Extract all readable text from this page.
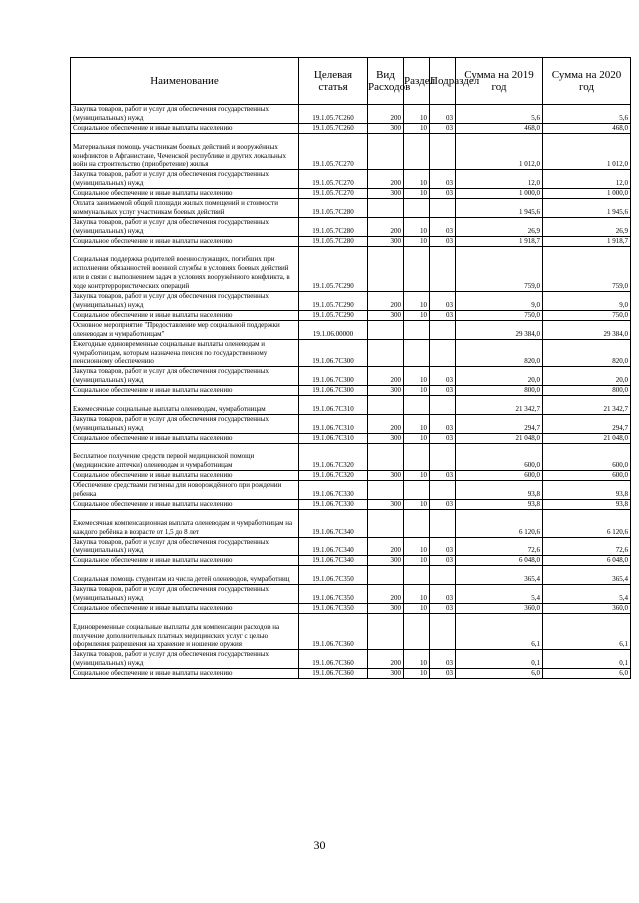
Наименование	Целевая статья	Вид Расходов	Раздел	Подраздел	Сумма на 2019 год	Сумма на 2020 год
Закупка товаров, работ и услуг для обеспечения государственных (муниципальных) нужд	19.1.05.7С260	200	10	03	5,6	5,6
Социальное обеспечение и иные выплаты населению	19.1.05.7С260	300	10	03	468,0	468,0
Материальная помощь участникам боевых действий и вооружённых конфликтов в Афганистане, Чеченской республике и других локальных войн на строительство (приобретение) жилья	19.1.05.7С270				1 012,0	1 012,0
Закупка товаров, работ и услуг для обеспечения государственных (муниципальных) нужд	19.1.05.7С270	200	10	03	12,0	12,0
Социальное обеспечение и иные выплаты населению	19.1.05.7С270	300	10	03	1 000,0	1 000,0
Оплата занимаемой общей площади жилых помещений и стоимости коммунальных услуг участникам боевых действий	19.1.05.7С280				1 945,6	1 945,6
Закупка товаров, работ и услуг для обеспечения государственных (муниципальных) нужд	19.1.05.7С280	200	10	03	26,9	26,9
Социальное обеспечение и иные выплаты населению	19.1.05.7С280	300	10	03	1 918,7	1 918,7
Социальная поддержка родителей военнослужащих, погибших при исполнении обязанностей военной службы в условиях боевых действий или в связи с выполнением задач в условиях вооружённого конфликта, в ходе контртеррористических операций	19.1.05.7С290				759,0	759,0
Закупка товаров, работ и услуг для обеспечения государственных (муниципальных) нужд	19.1.05.7С290	200	10	03	9,0	9,0
Социальное обеспечение и иные выплаты населению	19.1.05.7С290	300	10	03	750,0	750,0
Основное мероприятие "Предоставление мер социальной поддержки оленеводам и чумработницам"	19.1.06.00000				29 384,0	29 384,0
Ежегодные единовременные социальные выплаты оленеводам и чумработницам, которым назначена пенсия по государственному пенсионному обеспечению	19.1.06.7С300				820,0	820,0
Закупка товаров, работ и услуг для обеспечения государственных (муниципальных) нужд	19.1.06.7С300	200	10	03	20,0	20,0
Социальное обеспечение и иные выплаты населению	19.1.06.7С300	300	10	03	800,0	800,0
Ежемесячные социальные выплаты оленеводам, чумработницам	19.1.06.7С310				21 342,7	21 342,7
Закупка товаров, работ и услуг для обеспечения государственных (муниципальных) нужд	19.1.06.7С310	200	10	03	294,7	294,7
Социальное обеспечение и иные выплаты населению	19.1.06.7С310	300	10	03	21 048,0	21 048,0
Бесплатное получение средств первой медицинской помощи (медицинские аптечки) оленеводам и чумработницам	19.1.06.7С320				600,0	600,0
Социальное обеспечение и иные выплаты населению	19.1.06.7С320	300	10	03	600,0	600,0
Обеспечение средствами гигиены для новорождённого при рождении ребенка	19.1.06.7С330				93,8	93,8
Социальное обеспечение и иные выплаты населению	19.1.06.7С330	300	10	03	93,8	93,8
Ежемесячная компенсационная выплата оленеводам и чумработницам на каждого ребёнка в возрасте от 1,5 до 8 лет	19.1.06.7С340				6 120,6	6 120,6
Закупка товаров, работ и услуг для обеспечения государственных (муниципальных) нужд	19.1.06.7С340	200	10	03	72,6	72,6
Социальное обеспечение и иные выплаты населению	19.1.06.7С340	300	10	03	6 048,0	6 048,0
Социальная помощь студентам из числа детей оленеводов, чумработниц	19.1.06.7С350				365,4	365,4
Закупка товаров, работ и услуг для обеспечения государственных (муниципальных) нужд	19.1.06.7С350	200	10	03	5,4	5,4
Социальное обеспечение и иные выплаты населению	19.1.06.7С350	300	10	03	360,0	360,0
Единовременные социальные выплаты для компенсации расходов на получение дополнительных платных медицинских услуг с целью оформления разрешения на хранение и ношение оружия	19.1.06.7С360				6,1	6,1
Закупка товаров, работ и услуг для обеспечения государственных (муниципальных) нужд	19.1.06.7С360	200	10	03	0,1	0,1
Социальное обеспечение и иные выплаты населению	19.1.06.7С360	300	10	03	6,0	6,0
30
